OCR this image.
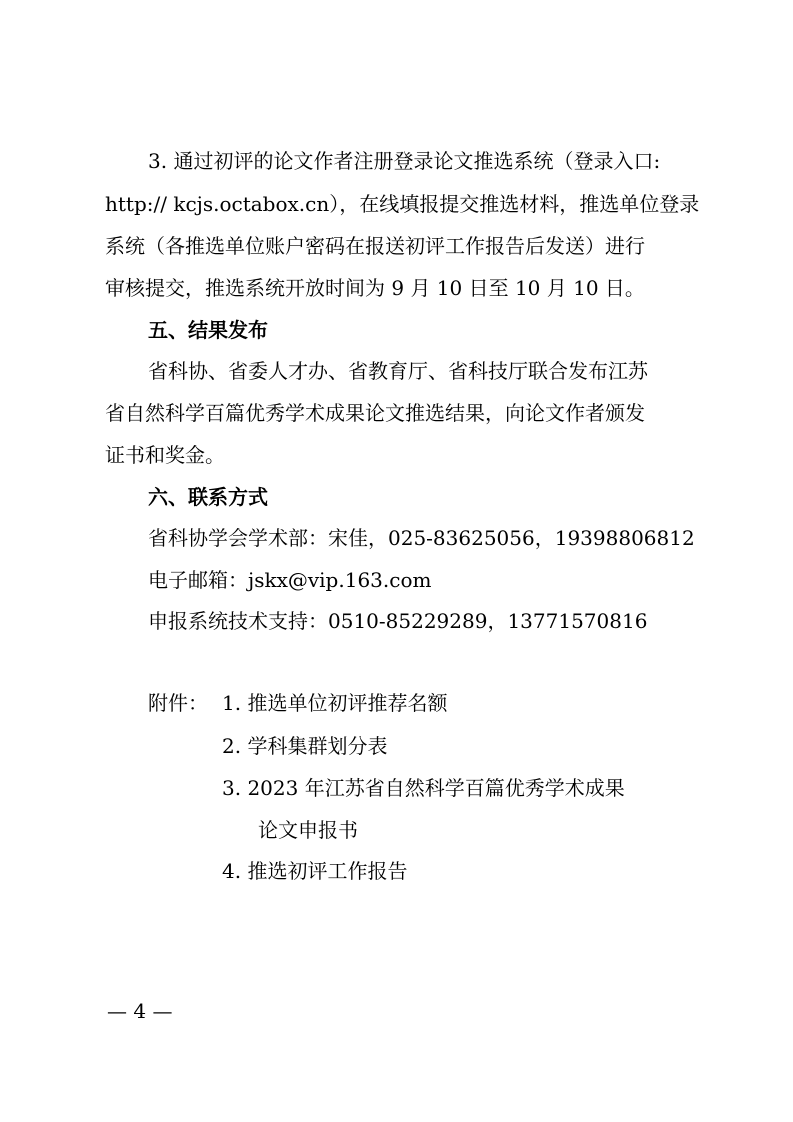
3. 通过初评的论文作者注册登录论文推选系统（登录入口:

http:// kcjs.octabox.cn），在线填报提交推选材料，推选单位登录

系统（各推选单位账户密码在报送初评工作报告后发送）进行

审核提交，推选系统开放时间为 9 月 10 日至 10 月 10 日。

五、结果发布

省科协、省委人才办、省教育厅、省科技厅联合发布江苏

省自然科学百篇优秀学术成果论文推选结果，向论文作者颁发

证书和奖金。

六、联系方式

省科协学会学术部：宋佳，025-83625056，19398806812

电子邮箱：jskx@vip.163.com

申报系统技术支持：0510-85229289，13771570816

附件： 1. 推选单位初评推荐名额

2. 学科集群划分表

3. 2023 年江苏省自然科学百篇优秀学术成果

论文申报书

4. 推选初评工作报告

— 4 —
